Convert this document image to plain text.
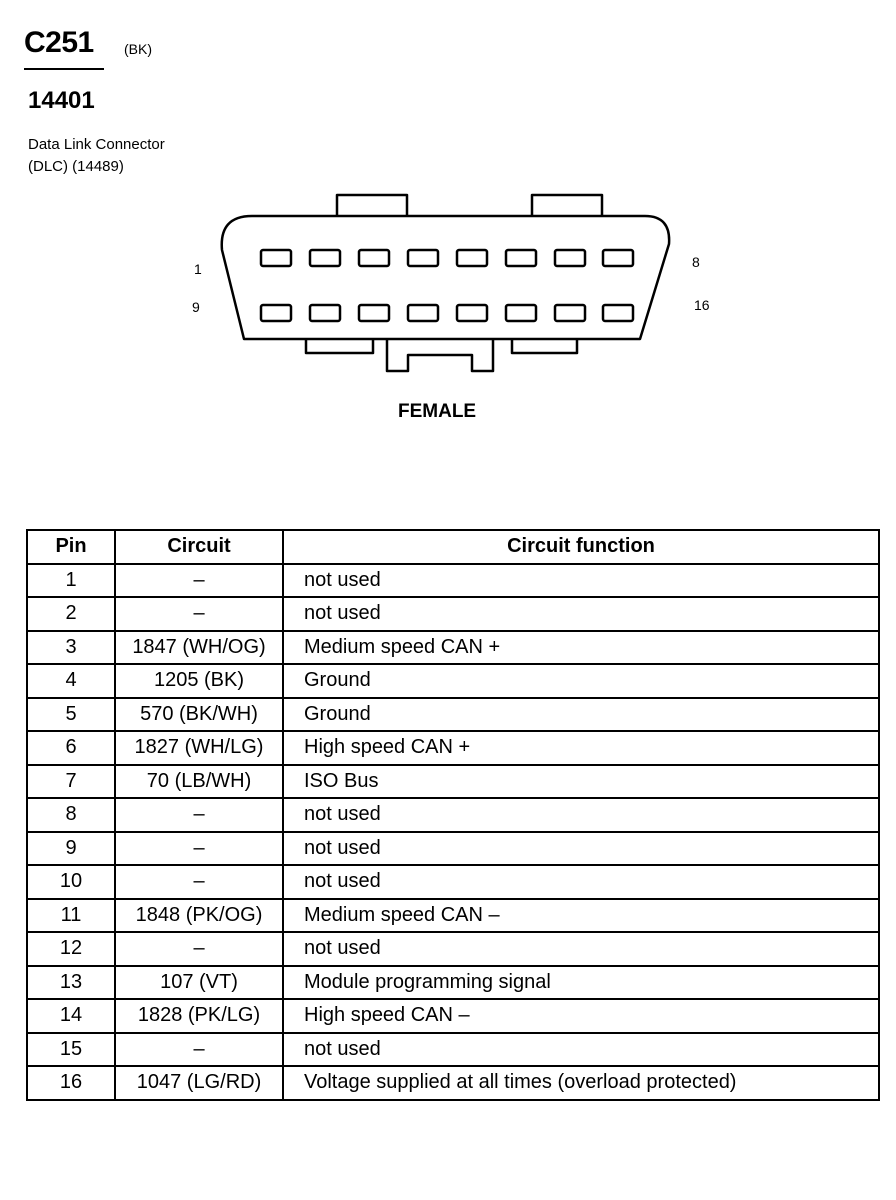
C251 (BK)
14401
Data Link Connector
(DLC) (14489)
1	8
9	16
FEMALE
Pin	Circuit	Circuit function
1	–	not used
2	–	not used
3	1847 (WH/OG)	Medium speed CAN +
4	1205 (BK)	Ground
5	570 (BK/WH)	Ground
6	1827 (WH/LG)	High speed CAN +
7	70 (LB/WH)	ISO Bus
8	–	not used
9	–	not used
10	–	not used
11	1848 (PK/OG)	Medium speed CAN –
12	–	not used
13	107 (VT)	Module programming signal
14	1828 (PK/LG)	High speed CAN –
15	–	not used
16	1047 (LG/RD)	Voltage supplied at all times (overload protected)
